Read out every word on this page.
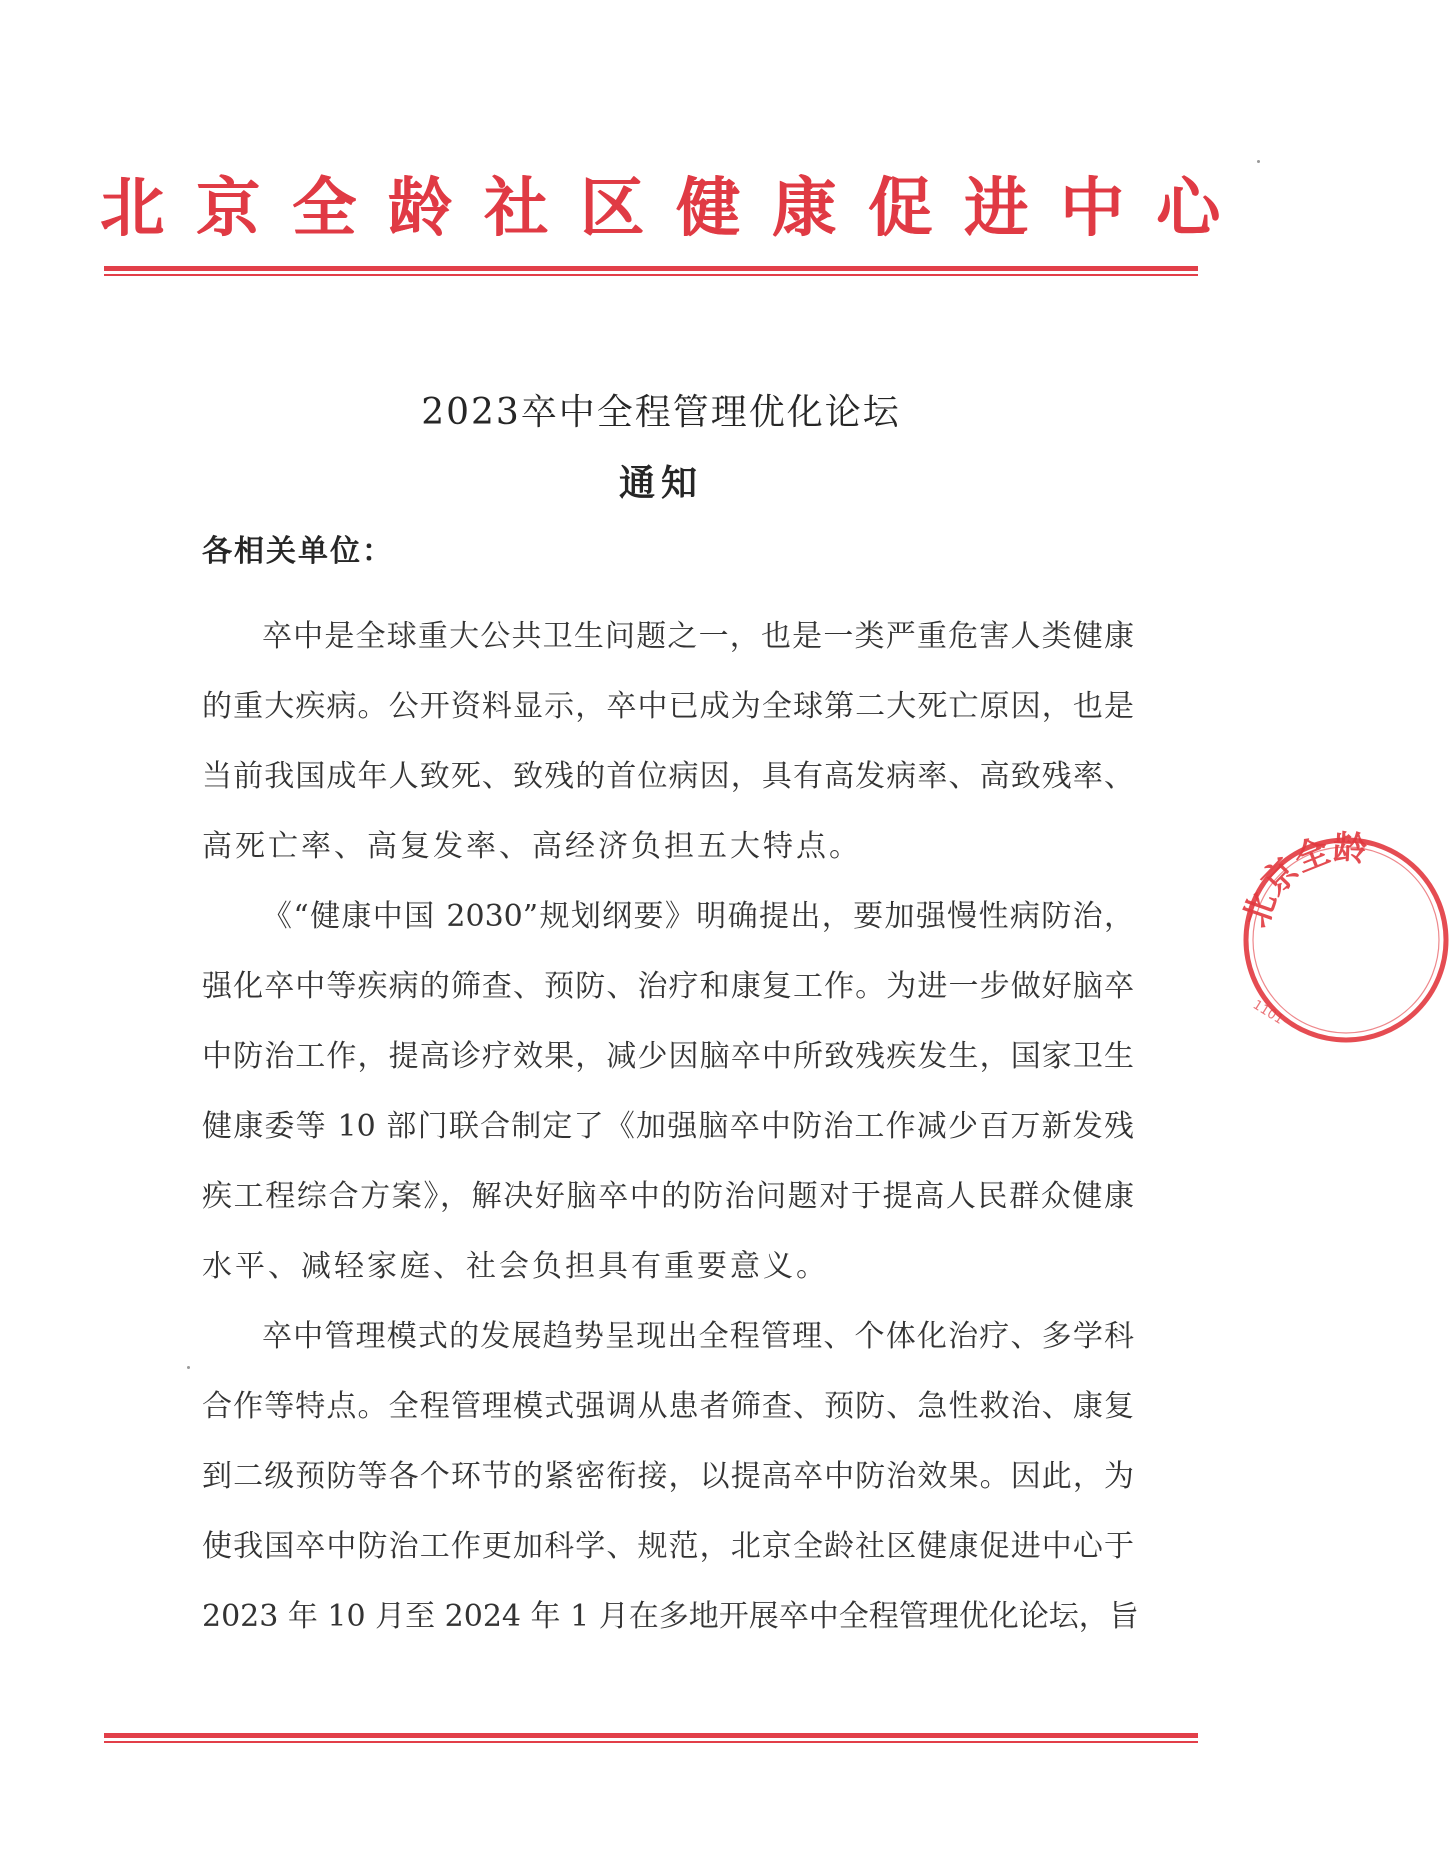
北 京 全 龄 社 区 健 康 促 进 中 心
2023卒中全程管理优化论坛
通知
各相关单位：
卒中是全球重大公共卫生问题之一，也是一类严重危害人类健康
的重大疾病。公开资料显示，卒中已成为全球第二大死亡原因，也是
当前我国成年人致死、致残的首位病因，具有高发病率、高致残率、
高死亡率、高复发率、高经济负担五大特点。
《“健康中国 2030”规划纲要》明确提出，要加强慢性病防治，
强化卒中等疾病的筛查、预防、治疗和康复工作。为进一步做好脑卒
中防治工作，提高诊疗效果，减少因脑卒中所致残疾发生，国家卫生
健康委等 10 部门联合制定了《加强脑卒中防治工作减少百万新发残
疾工程综合方案》，解决好脑卒中的防治问题对于提高人民群众健康
水平、减轻家庭、社会负担具有重要意义。
卒中管理模式的发展趋势呈现出全程管理、个体化治疗、多学科
合作等特点。全程管理模式强调从患者筛查、预防、急性救治、康复
到二级预防等各个环节的紧密衔接，以提高卒中防治效果。因此，为
使我国卒中防治工作更加科学、规范，北京全龄社区健康促进中心于
2023 年 10 月至 2024 年 1 月在多地开展卒中全程管理优化论坛，旨
北京全龄
1101
